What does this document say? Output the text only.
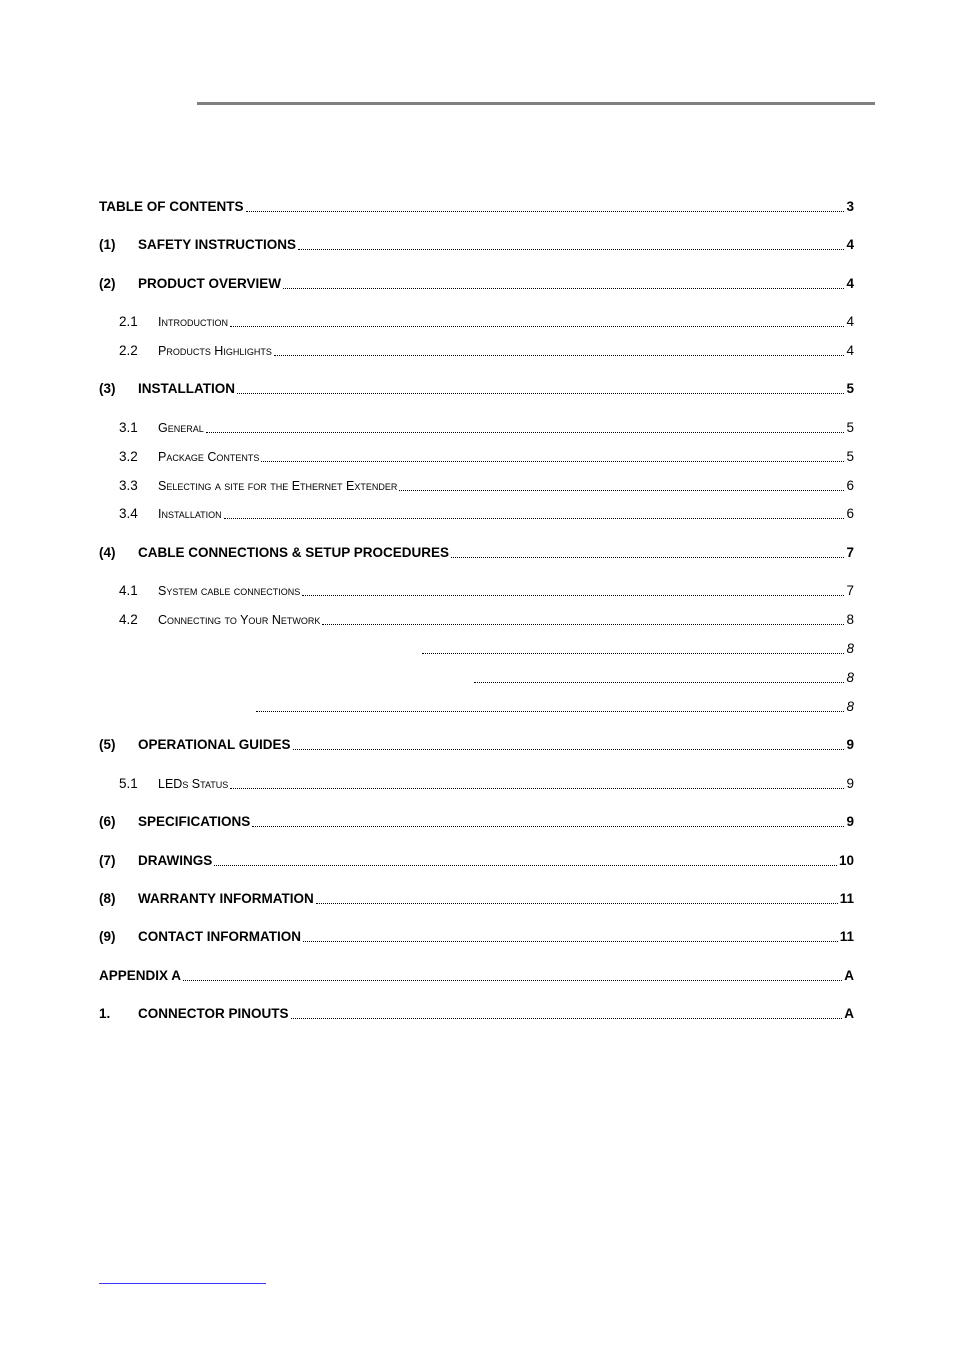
TABLE OF CONTENTS	3
(1)	SAFETY INSTRUCTIONS	4
(2)	PRODUCT OVERVIEW	4
2.1	Introduction	4
2.2	Products Highlights	4
(3)	INSTALLATION	5
3.1	General	5
3.2	Package Contents	5
3.3	Selecting a site for the Ethernet Extender	6
3.4	Installation	6
(4)	CABLE CONNECTIONS & SETUP PROCEDURES	7
4.1	System cable connections	7
4.2	Connecting to Your Network	8
8
8
8
(5)	OPERATIONAL GUIDES	9
5.1	LEDs Status	9
(6)	SPECIFICATIONS	9
(7)	DRAWINGS	10
(8)	WARRANTY INFORMATION	11
(9)	CONTACT INFORMATION	11
APPENDIX A	A
1.	CONNECTOR PINOUTS	A
